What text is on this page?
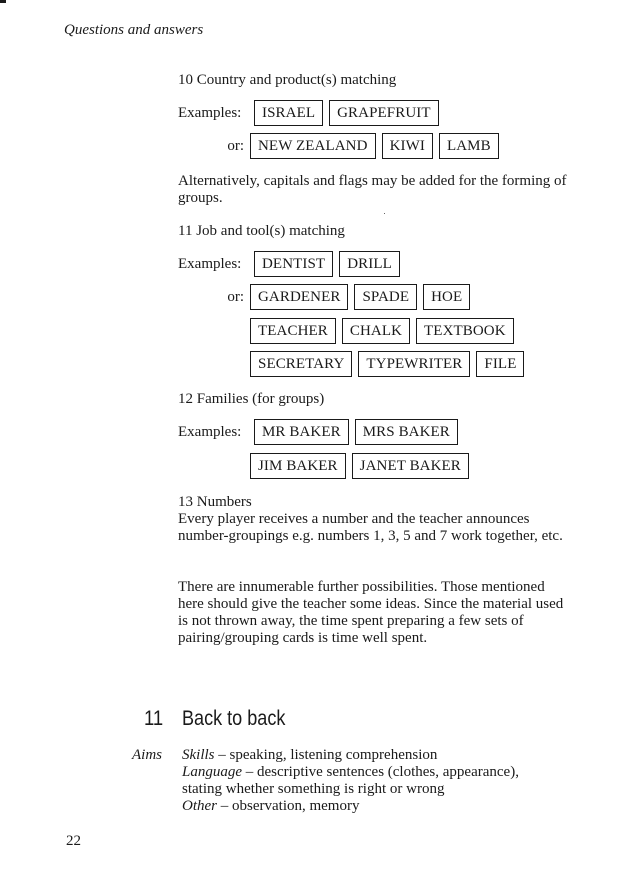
Questions and answers
10 Country and product(s) matching
Examples:	ISRAEL	GRAPEFRUIT
or: NEW ZEALAND	KIWI	LAMB
Alternatively, capitals and flags may be added for the forming of groups.
11 Job and tool(s) matching
Examples:	DENTIST	DRILL
or: GARDENER	SPADE	HOE
TEACHER	CHALK	TEXTBOOK
SECRETARY	TYPEWRITER	FILE
12 Families (for groups)
Examples:	MR BAKER	MRS BAKER
JIM BAKER	JANET BAKER
13 Numbers
Every player receives a number and the teacher announces number-groupings e.g. numbers 1, 3, 5 and 7 work together, etc.
There are innumerable further possibilities. Those mentioned here should give the teacher some ideas. Since the material used is not thrown away, the time spent preparing a few sets of pairing/grouping cards is time well spent.
11 Back to back
Aims Skills – speaking, listening comprehension
Language – descriptive sentences (clothes, appearance),
stating whether something is right or wrong
Other – observation, memory
22
